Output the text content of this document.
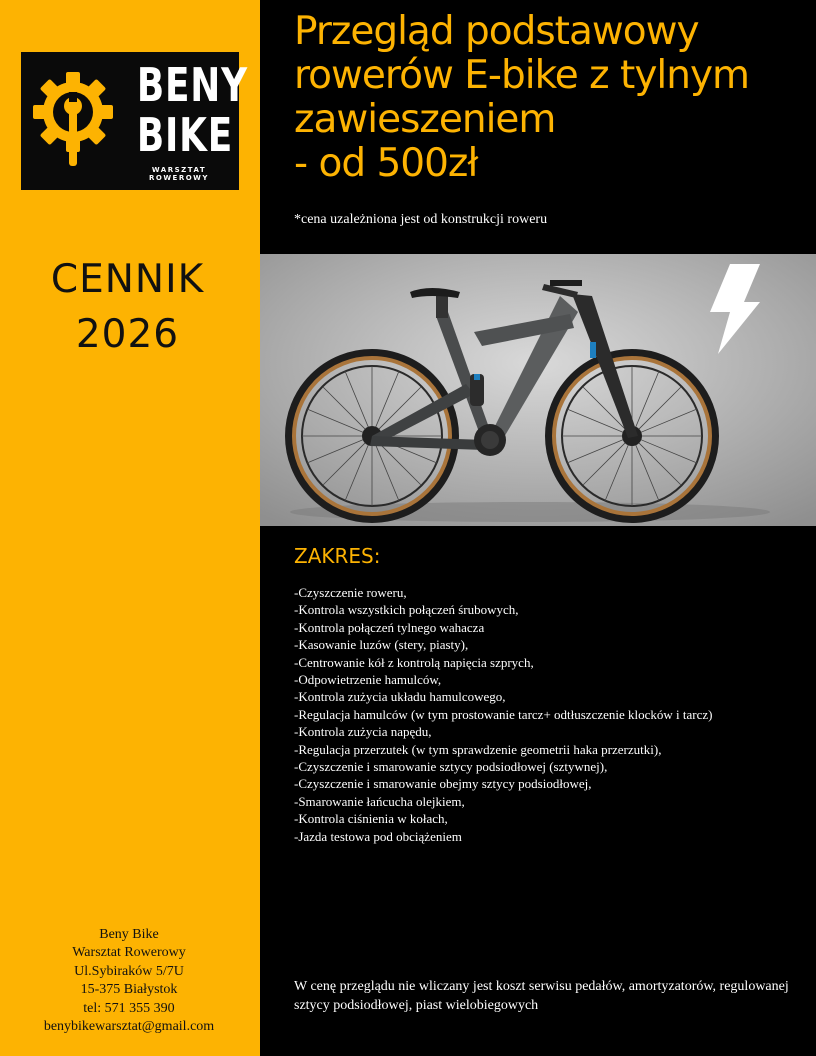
BENY
BIKE
WARSZTAT ROWEROWY
CENNIK
2026
Beny Bike
Warsztat Rowerowy
Ul.Sybiraków 5/7U
15-375 Białystok
tel: 571 355 390
benybikewarsztat@gmail.com
Przegląd podstawowy
rowerów E-bike z tylnym
zawieszeniem
- od 500zł
*cena uzależniona jest od konstrukcji roweru
ZAKRES:
-Czyszczenie roweru,
-Kontrola wszystkich połączeń śrubowych,
-Kontrola połączeń tylnego wahacza
-Kasowanie luzów (stery, piasty),
-Centrowanie kół z kontrolą napięcia szprych,
-Odpowietrzenie hamulców,
-Kontrola zużycia układu hamulcowego,
-Regulacja hamulców (w tym prostowanie tarcz+ odtłuszczenie klocków i tarcz)
-Kontrola zużycia napędu,
-Regulacja przerzutek (w tym sprawdzenie geometrii haka przerzutki),
-Czyszczenie i smarowanie sztycy podsiodłowej (sztywnej),
-Czyszczenie i smarowanie obejmy sztycy podsiodłowej,
-Smarowanie łańcucha olejkiem,
-Kontrola ciśnienia w kołach,
-Jazda testowa pod obciążeniem
W cenę przeglądu nie wliczany jest koszt serwisu pedałów, amortyzatorów, regulowanej sztycy podsiodłowej, piast wielobiegowych
